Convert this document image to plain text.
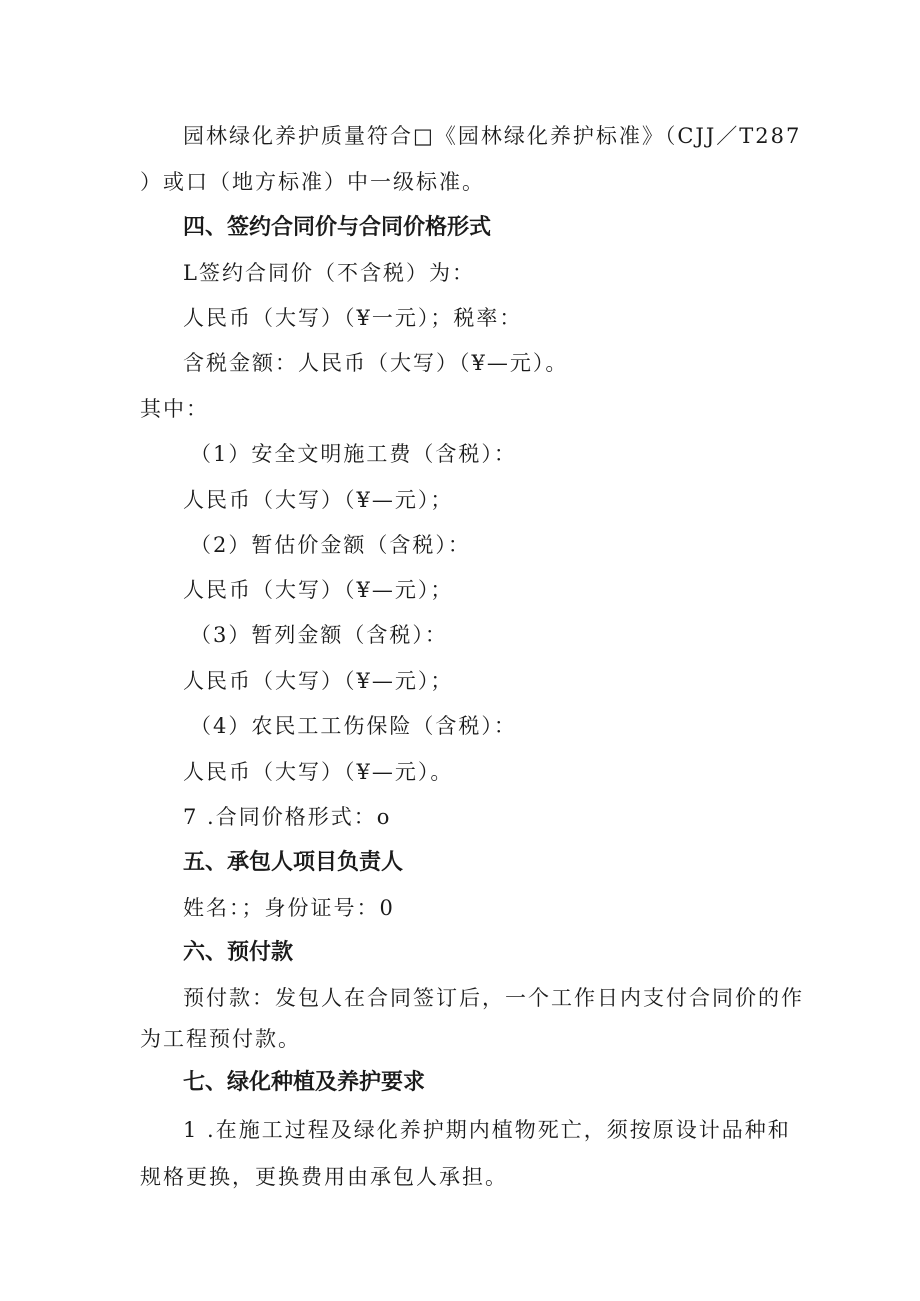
园林绿化养护质量符合□《园林绿化养护标准》（CJJ／T287
）或口（地方标准）中一级标准。
四、签约合同价与合同价格形式
L签约合同价（不含税）为：
人民币（大写）（¥一元）；税率：
含税金额：人民币（大写）（¥—元）。
其中：
（1）安全文明施工费（含税）：
人民币（大写）（¥—元）；
（2）暂估价金额（含税）：
人民币（大写）（¥—元）；
（3）暂列金额（含税）：
人民币（大写）（¥—元）；
（4）农民工工伤保险（含税）：
人民币（大写）（¥—元）。
7 .合同价格形式：o
五、承包人项目负责人
姓名：；身份证号：0
六、预付款
预付款：发包人在合同签订后，一个工作日内支付合同价的作
为工程预付款。
七、绿化种植及养护要求
1 .在施工过程及绿化养护期内植物死亡，须按原设计品种和
规格更换，更换费用由承包人承担。
